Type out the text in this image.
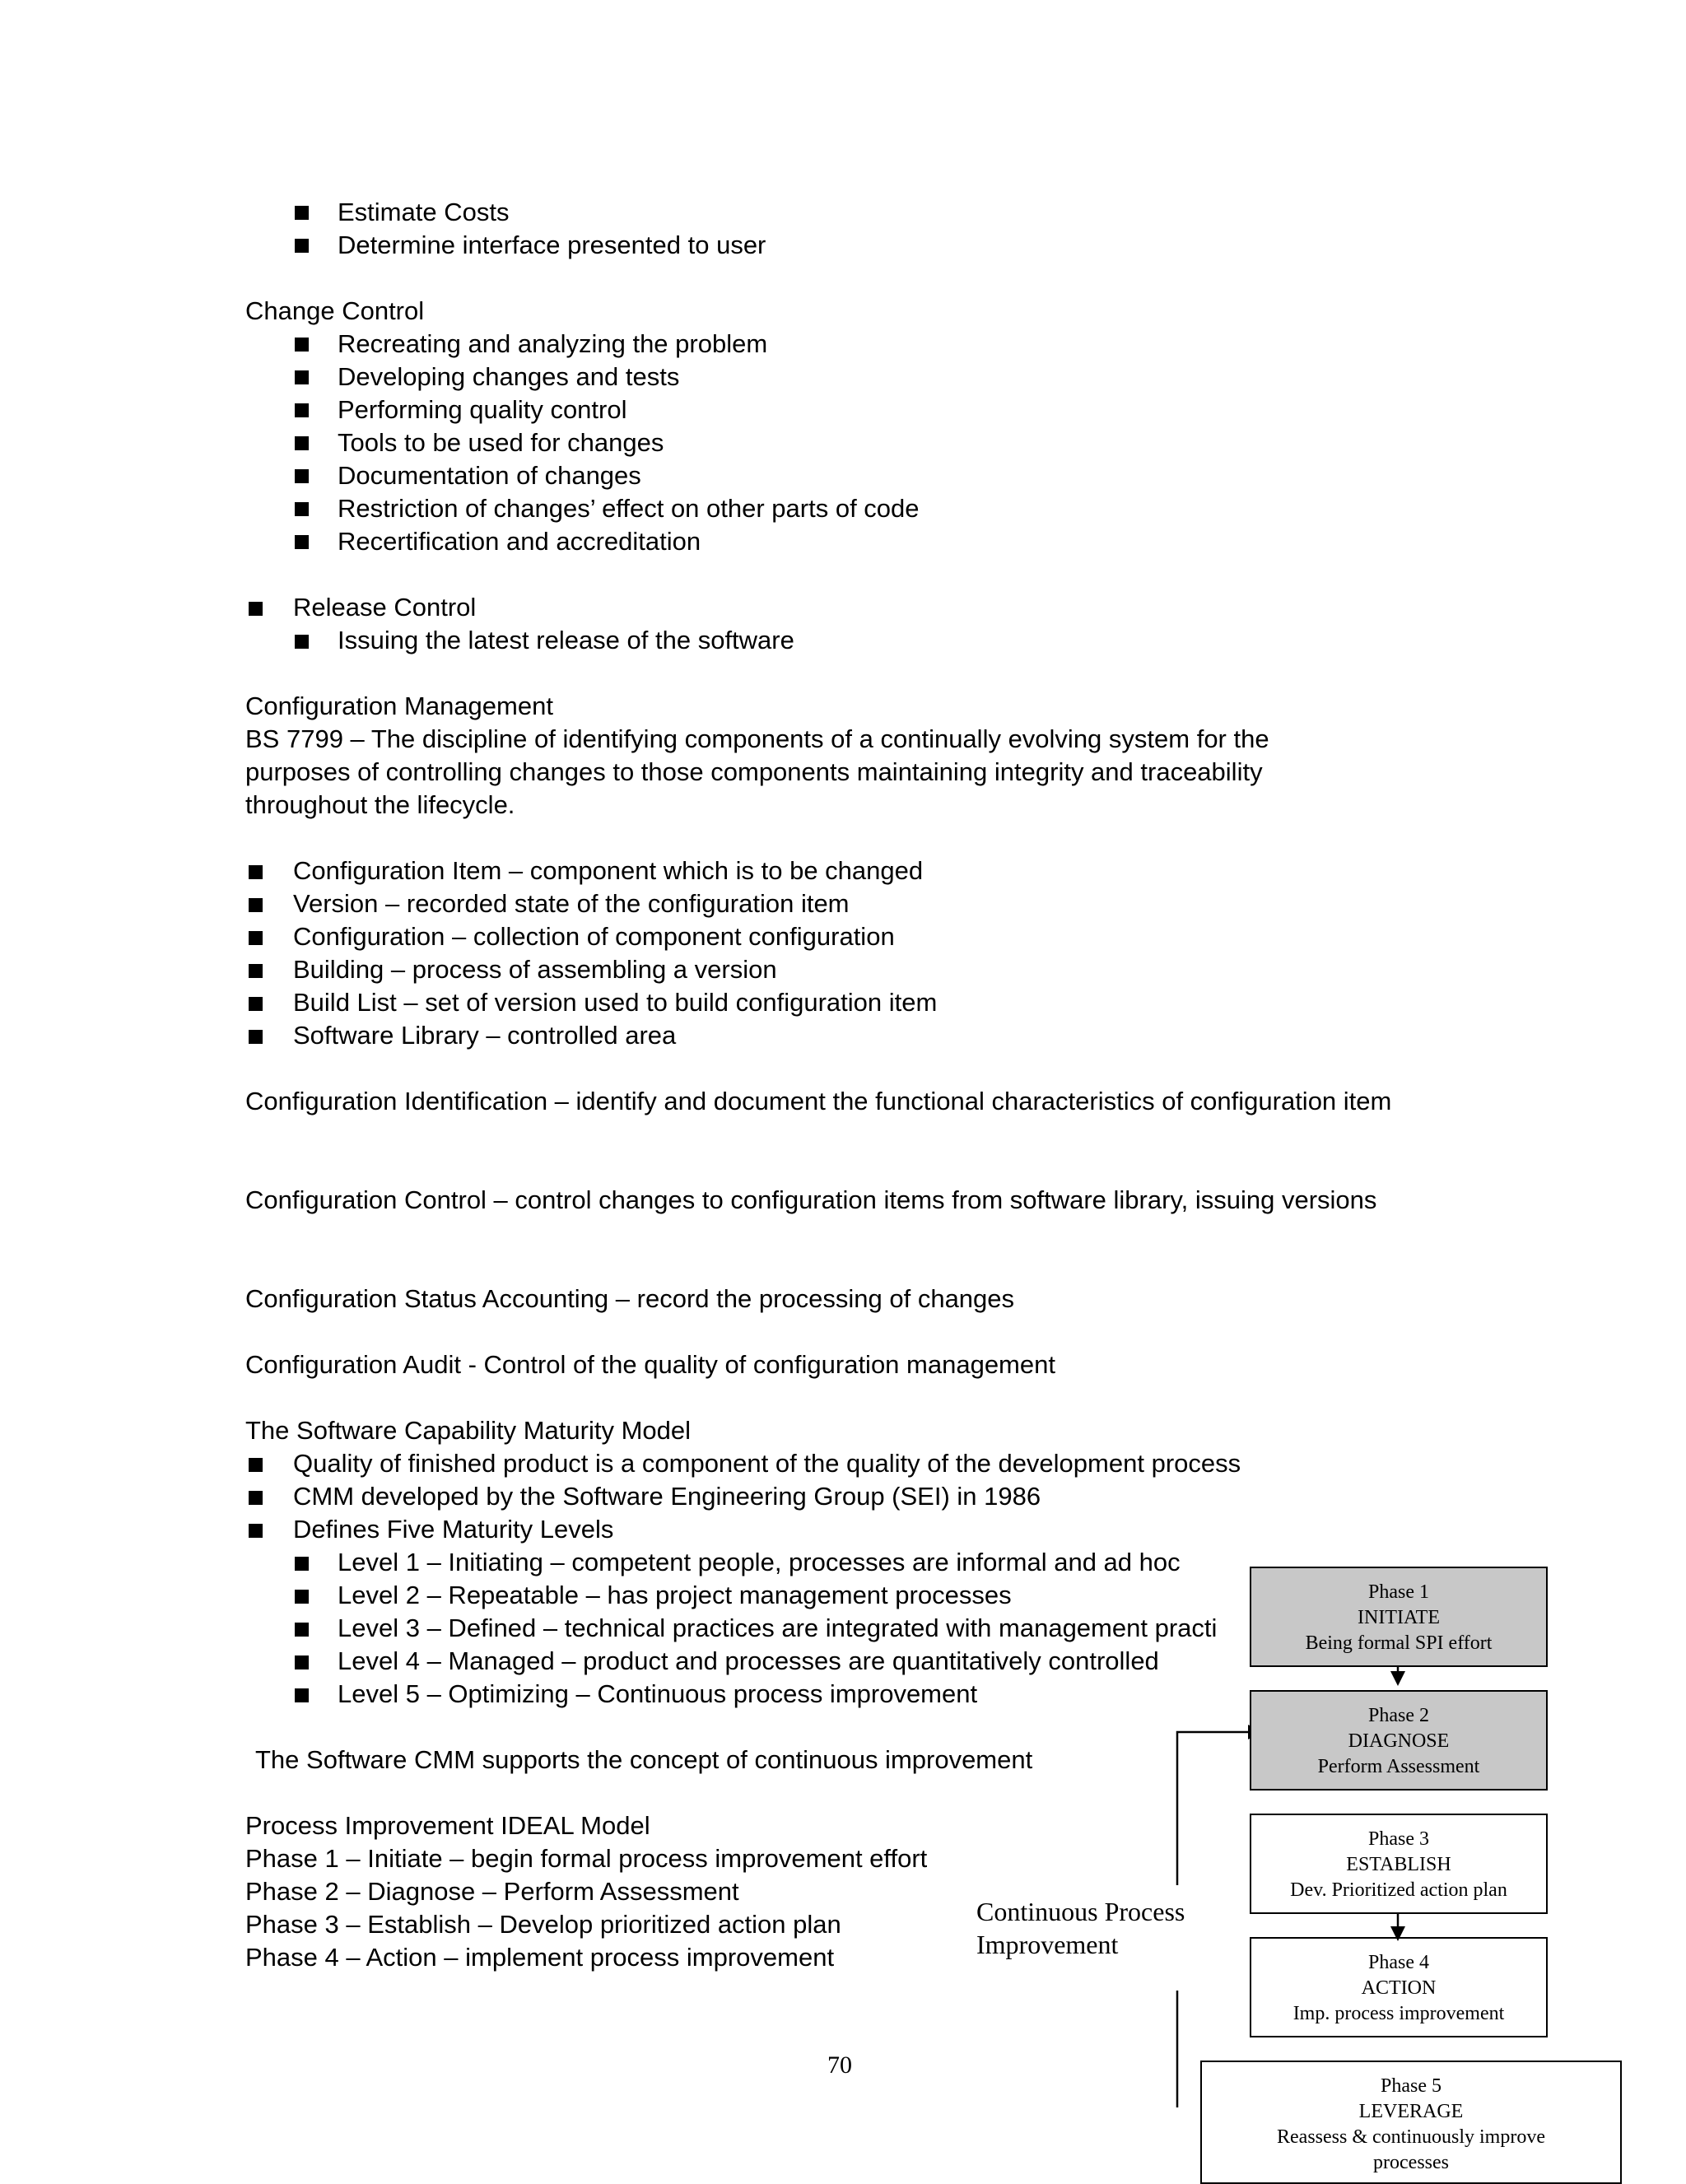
Estimate Costs
Determine interface presented to user
Change Control
Recreating and analyzing the problem
Developing changes and tests
Performing quality control
Tools to be used for changes
Documentation of changes
Restriction of changes’ effect on other parts of code
Recertification and accreditation
Release Control
Issuing the latest release of the software
Configuration Management
BS 7799 – The discipline of identifying components of a continually evolving system for the purposes of controlling changes to those components maintaining integrity and traceability throughout the lifecycle.
Configuration Item – component which is to be changed
Version – recorded state of the configuration item
Configuration – collection of component configuration
Building – process of assembling a version
Build List – set of version used to build configuration item
Software Library – controlled area
Configuration Identification – identify and document the functional characteristics of configuration item
Configuration Control – control changes to configuration items from software library, issuing versions
Configuration Status Accounting – record the processing of changes
Configuration Audit - Control of the quality of configuration management
The Software Capability Maturity Model
Quality of finished product is a component of the quality of the development process
CMM developed by the Software Engineering Group (SEI) in 1986
Defines Five Maturity Levels
Level 1 – Initiating – competent people, processes are informal and ad hoc
Level 2 – Repeatable – has project management processes
Level 3 – Defined – technical practices are integrated with management practi
Level 4 – Managed – product and processes are quantitatively controlled
Level 5 – Optimizing – Continuous process improvement
The Software CMM supports the concept of continuous improvement
Process Improvement IDEAL Model
Phase 1 – Initiate – begin formal process improvement effort
Phase 2 – Diagnose – Perform Assessment
Phase 3 – Establish – Develop prioritized action plan
Phase 4 – Action – implement process improvement
Continuous Process
Improvement
Phase 1
INITIATE
Being formal SPI effort
Phase 2
DIAGNOSE
Perform Assessment
Phase 3
ESTABLISH
Dev. Prioritized action plan
Phase 4
ACTION
Imp. process improvement
Phase 5
LEVERAGE
Reassess & continuously improve
processes
70
